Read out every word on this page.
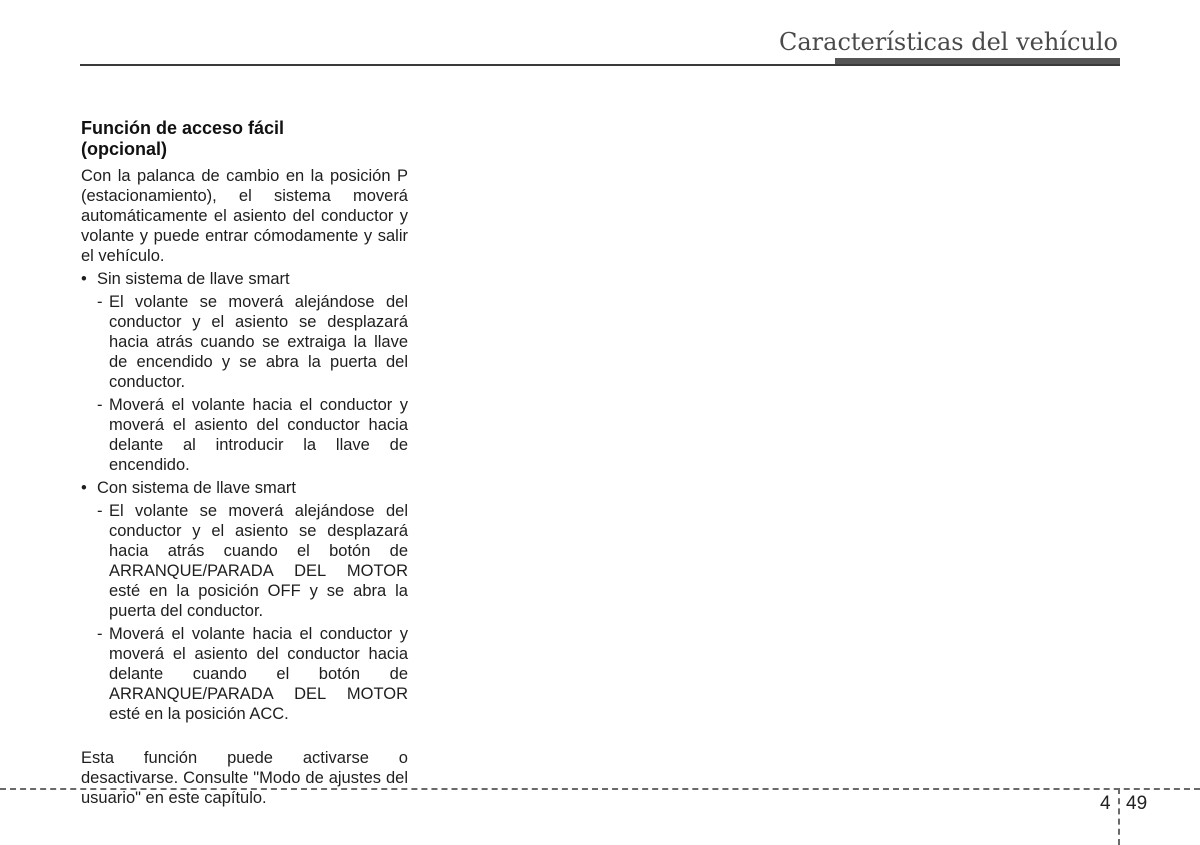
Características del vehículo
Función de acceso fácil
(opcional)
Con la palanca de cambio en la posición P (estacionamiento), el sistema moverá automáticamente el asiento del conductor y volante y puede entrar cómodamente y salir el vehículo.
• Sin sistema de llave smart
- El volante se moverá alejándose del conductor y el asiento se desplazará hacia atrás cuando se extraiga la llave de encendido y se abra la puerta del conductor.
- Moverá el volante hacia el conductor y moverá el asiento del conductor hacia delante al introducir la llave de encendido.
• Con sistema de llave smart
- El volante se moverá alejándose del conductor y el asiento se desplazará hacia atrás cuando el botón de ARRANQUE/PARADA DEL MOTOR esté en la posición OFF y se abra la puerta del conductor.
- Moverá el volante hacia el conductor y moverá el asiento del conductor hacia delante cuando el botón de ARRANQUE/PARADA DEL MOTOR esté en la posición ACC.
Esta función puede activarse o desactivarse. Consulte "Modo de ajustes del usuario" en este capítulo.	4 49
